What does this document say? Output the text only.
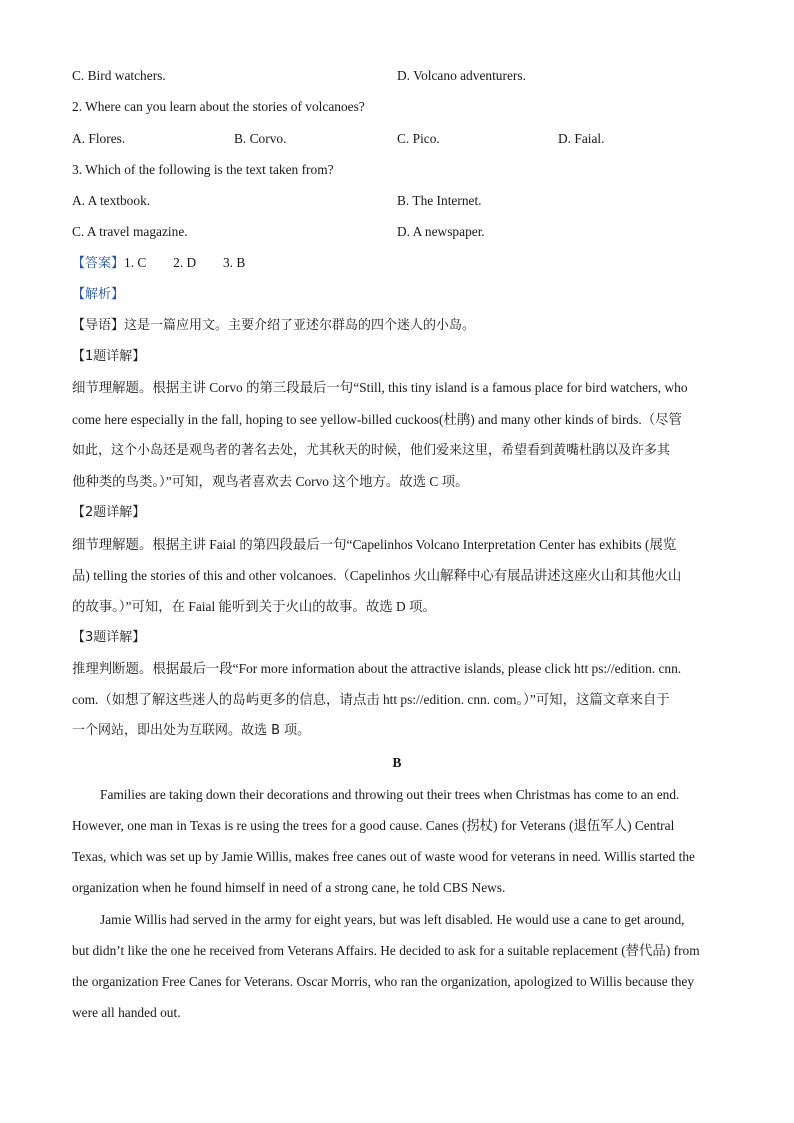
C. Bird watchers.	D. Volcano adventurers.
2. Where can you learn about the stories of volcanoes?
A. Flores.	B. Corvo.	C. Pico.	D. Faial.
3. Which of the following is the text taken from?
A. A textbook.	B. The Internet.
C. A travel magazine.	D. A newspaper.
【答案】1. C        2. D        3. B
【解析】
【导语】这是一篇应用文。主要介绍了亚述尔群岛的四个迷人的小岛。
【1题详解】
细节理解题。根据主讲 Corvo 的第三段最后一句“Still, this tiny island is a famous place for bird watchers, who
come here especially in the fall, hoping to see yellow-billed cuckoos(杜鹃) and many other kinds of birds.（尽管
如此，这个小岛还是观鸟者的著名去处，尤其秋天的时候，他们爱来这里，希望看到黄嘴杜鹃以及许多其
他种类的鸟类。）”可知，观鸟者喜欢去 Corvo 这个地方。故选 C 项。
【2题详解】
细节理解题。根据主讲 Faial 的第四段最后一句“Capelinhos Volcano Interpretation Center has exhibits (展览
品) telling the stories of this and other volcanoes.（Capelinhos 火山解释中心有展品讲述这座火山和其他火山
的故事。）”可知，在 Faial 能听到关于火山的故事。故选 D 项。
【3题详解】
推理判断题。根据最后一段“For more information about the attractive islands, please click htt ps://edition. cnn.
com.（如想了解这些迷人的岛屿更多的信息，请点击 htt ps://edition. cnn. com。）”可知，这篇文章来自于
一个网站，即出处为互联网。故选 B 项。
B
Families are taking down their decorations and throwing out their trees when Christmas has come to an end.
However, one man in Texas is re using the trees for a good cause. Canes (拐杖) for Veterans (退伍军人) Central
Texas, which was set up by Jamie Willis, makes free canes out of waste wood for veterans in need. Willis started the
organization when he found himself in need of a strong cane, he told CBS News.
Jamie Willis had served in the army for eight years, but was left disabled. He would use a cane to get around,
but didn’t like the one he received from Veterans Affairs. He decided to ask for a suitable replacement (替代品) from
the organization Free Canes for Veterans. Oscar Morris, who ran the organization, apologized to Willis because they
were all handed out.
